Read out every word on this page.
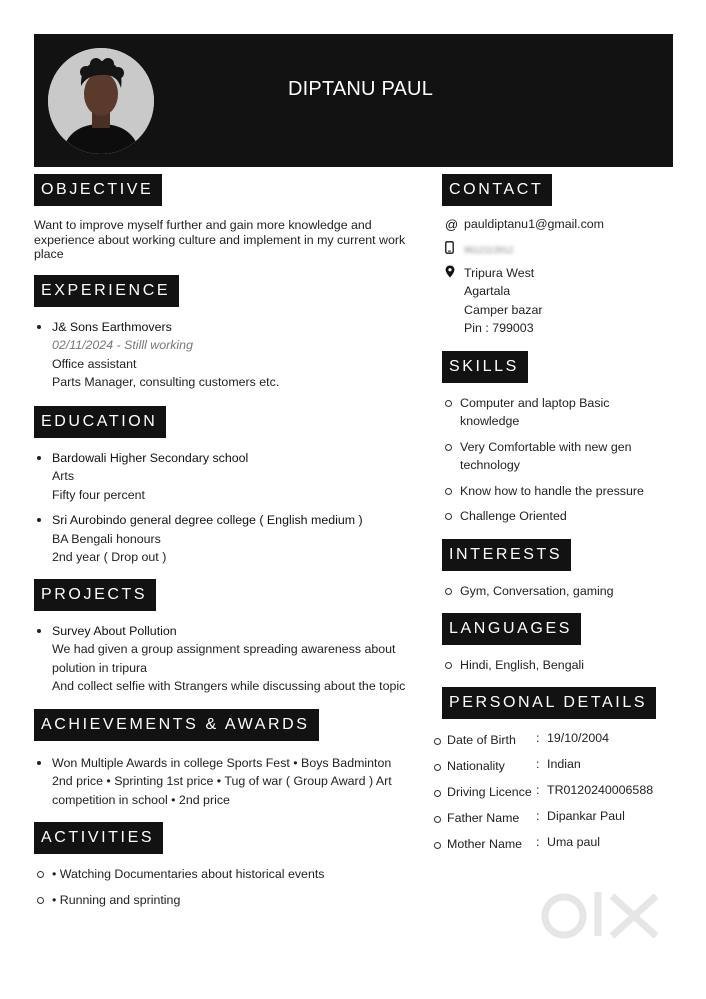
DIPTANU PAUL
OBJECTIVE

Want to improve myself further and gain more knowledge and experience about working culture and implement in my current work place

EXPERIENCE
J& Sons Earthmovers
02/11/2024 - Stilll working
Office assistant
Parts Manager, consulting customers etc.
EDUCATION
Bardowali Higher Secondary school
Arts
Fifty four percent
Sri Aurobindo general degree college ( English medium )
BA Bengali honours
2nd year ( Drop out )
PROJECTS
Survey About Pollution
We had given a group assignment spreading awareness about
polution in tripura
And collect selfie with Strangers while discussing about the topic
ACHIEVEMENTS & AWARDS
Won Multiple Awards in college Sports Fest • Boys Badminton
2nd price • Sprinting 1st price • Tug of war ( Group Award ) Art
competition in school • 2nd price
ACTIVITIES
• Watching Documentaries about historical events
• Running and sprinting
CONTACT
@ pauldiptanu1@gmail.com
9612113912
Tripura West
Agartala
Camper bazar
Pin : 799003
SKILLS
Computer and laptop Basic
knowledge
Very Comfortable with new gen
technology
Know how to handle the pressure
Challenge Oriented
INTERESTS
Gym, Conversation, gaming
LANGUAGES
Hindi, English, Bengali
PERSONAL DETAILS
Date of Birth : 19/10/2004
Nationality	: Indian
Driving Licence : TR0120240006588
Father Name : Dipankar Paul
Mother Name : Uma paul
